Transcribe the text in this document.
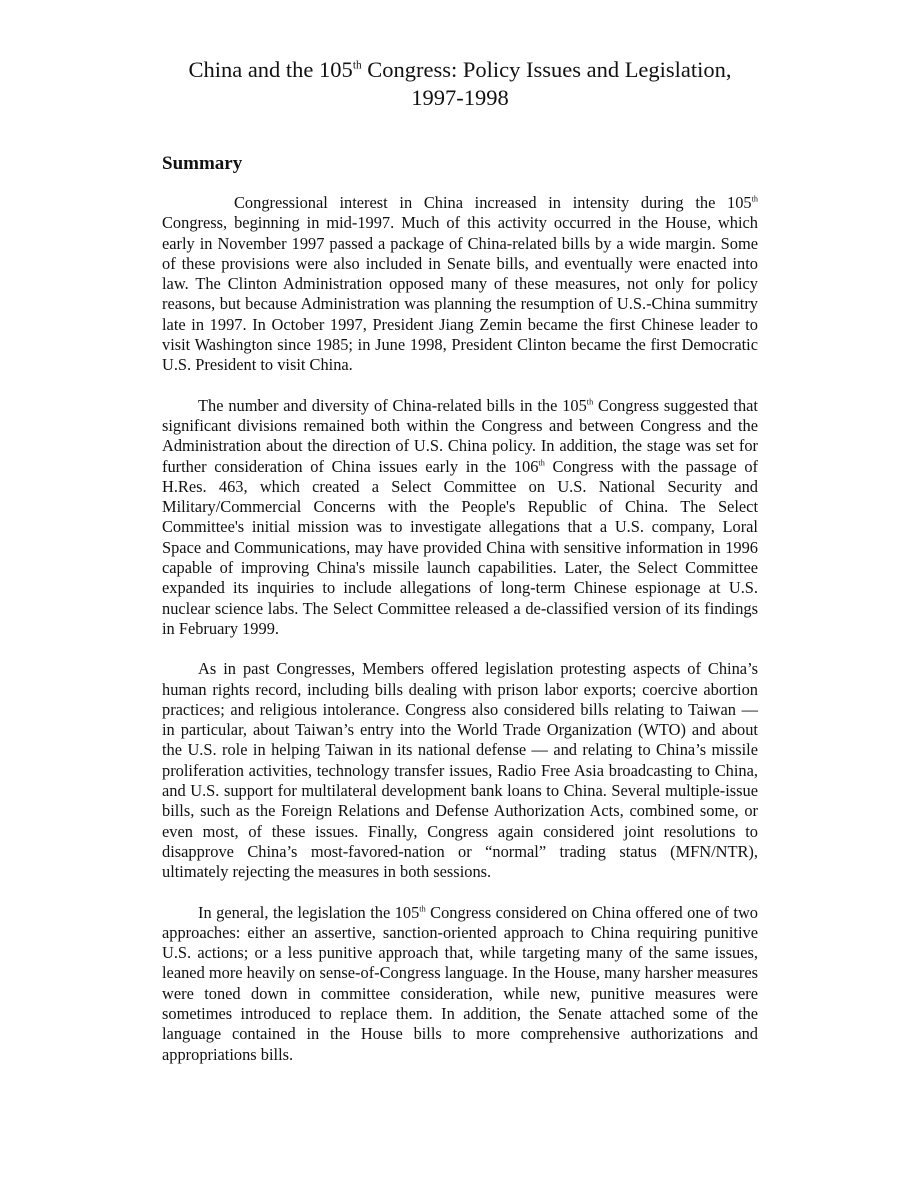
China and the 105th Congress: Policy Issues and Legislation,
1997-1998
Summary

Congressional interest in China increased in intensity during the 105th Congress, beginning in mid-1997. Much of this activity occurred in the House, which early in November 1997 passed a package of China-related bills by a wide margin. Some of these provisions were also included in Senate bills, and eventually were enacted into law. The Clinton Administration opposed many of these measures, not only for policy reasons, but because Administration was planning the resumption of U.S.-China summitry late in 1997. In October 1997, President Jiang Zemin became the first Chinese leader to visit Washington since 1985; in June 1998, President Clinton became the first Democratic U.S. President to visit China.

The number and diversity of China-related bills in the 105th Congress suggested that significant divisions remained both within the Congress and between Congress and the Administration about the direction of U.S. China policy. In addition, the stage was set for further consideration of China issues early in the 106th Congress with the passage of H.Res. 463, which created a Select Committee on U.S. National Security and Military/Commercial Concerns with the People's Republic of China. The Select Committee's initial mission was to investigate allegations that a U.S. company, Loral Space and Communications, may have provided China with sensitive information in 1996 capable of improving China's missile launch capabilities. Later, the Select Committee expanded its inquiries to include allegations of long-term Chinese espionage at U.S. nuclear science labs. The Select Committee released a de-classified version of its findings in February 1999.

As in past Congresses, Members offered legislation protesting aspects of China’s human rights record, including bills dealing with prison labor exports; coercive abortion practices; and religious intolerance. Congress also considered bills relating to Taiwan — in particular, about Taiwan’s entry into the World Trade Organization (WTO) and about the U.S. role in helping Taiwan in its national defense — and relating to China’s missile proliferation activities, technology transfer issues, Radio Free Asia broadcasting to China, and U.S. support for multilateral development bank loans to China. Several multiple-issue bills, such as the Foreign Relations and Defense Authorization Acts, combined some, or even most, of these issues. Finally, Congress again considered joint resolutions to disapprove China’s most-favored-nation or “normal” trading status (MFN/NTR), ultimately rejecting the measures in both sessions.

In general, the legislation the 105th Congress considered on China offered one of two approaches: either an assertive, sanction-oriented approach to China requiring punitive U.S. actions; or a less punitive approach that, while targeting many of the same issues, leaned more heavily on sense-of-Congress language. In the House, many harsher measures were toned down in committee consideration, while new, punitive measures were sometimes introduced to replace them. In addition, the Senate attached some of the language contained in the House bills to more comprehensive authorizations and appropriations bills.
